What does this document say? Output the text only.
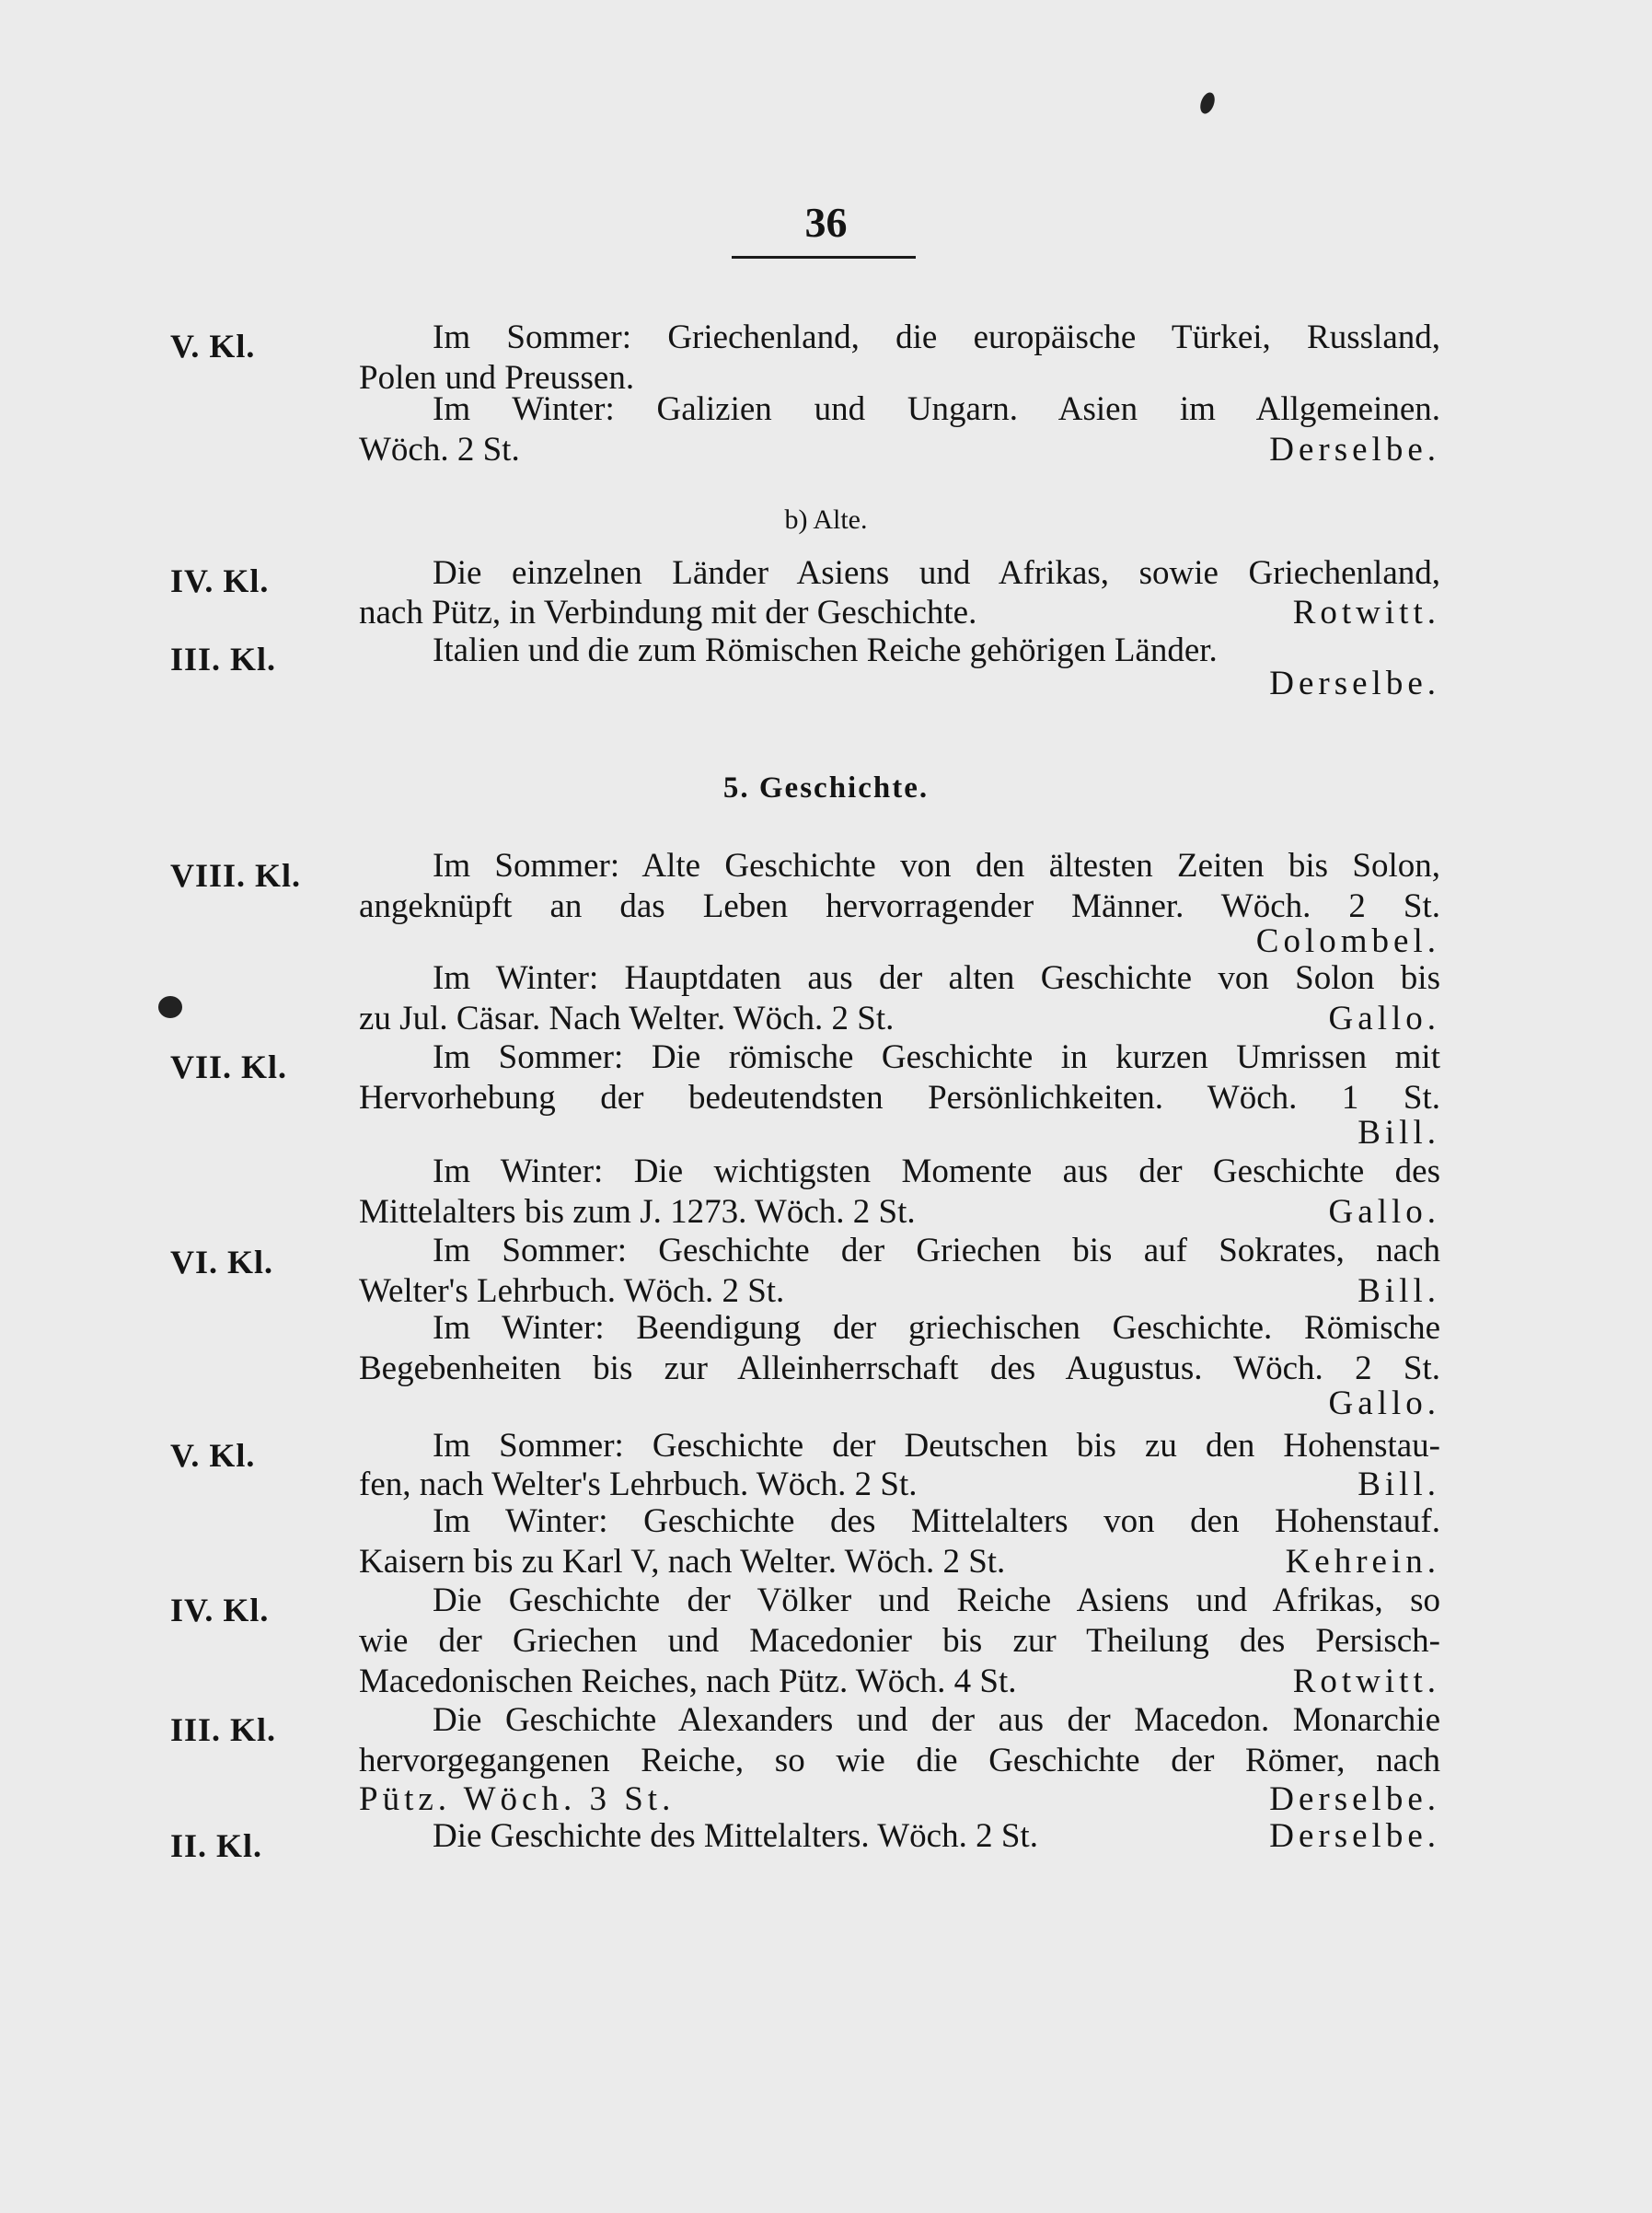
36
V. Kl.	Im Sommer: Griechenland, die europäische Türkei, Russland,
Polen und Preussen.
Im Winter: Galizien und Ungarn. Asien im Allgemeinen.
Wöch. 2 St.	Derselbe.
b) Alte.
IV. Kl.	Die einzelnen Länder Asiens und Afrikas, sowie Griechenland,
nach Pütz, in Verbindung mit der Geschichte.	Rotwitt.
III. Kl.	Italien und die zum Römischen Reiche gehörigen Länder.
Derselbe.
5. Geschichte.
VIII. Kl.	Im Sommer: Alte Geschichte von den ältesten Zeiten bis Solon,
angeknüpft an das Leben hervorragender Männer. Wöch. 2 St.
Colombel.
Im Winter: Hauptdaten aus der alten Geschichte von Solon bis
zu Jul. Cäsar. Nach Welter. Wöch. 2 St.	Gallo.
VII. Kl.	Im Sommer: Die römische Geschichte in kurzen Umrissen mit
Hervorhebung der bedeutendsten Persönlichkeiten. Wöch. 1 St.
Bill.
Im Winter: Die wichtigsten Momente aus der Geschichte des
Mittelalters bis zum J. 1273. Wöch. 2 St.	Gallo.
VI. Kl.	Im Sommer: Geschichte der Griechen bis auf Sokrates, nach
Welter's Lehrbuch. Wöch. 2 St.	Bill.
Im Winter: Beendigung der griechischen Geschichte. Römische
Begebenheiten bis zur Alleinherrschaft des Augustus. Wöch. 2 St.
Gallo.
V. Kl.	Im Sommer: Geschichte der Deutschen bis zu den Hohenstau-
fen, nach Welter's Lehrbuch. Wöch. 2 St.	Bill.
Im Winter: Geschichte des Mittelalters von den Hohenstauf.
Kaisern bis zu Karl V, nach Welter. Wöch. 2 St.	Kehrein.
IV. Kl.	Die Geschichte der Völker und Reiche Asiens und Afrikas, so
wie der Griechen und Macedonier bis zur Theilung des Persisch-
Macedonischen Reiches, nach Pütz. Wöch. 4 St.	Rotwitt.
III. Kl.	Die Geschichte Alexanders und der aus der Macedon. Monarchie
hervorgegangenen Reiche, so wie die Geschichte der Römer, nach
Pütz. Wöch. 3 St.	Derselbe.
II. Kl.	Die Geschichte des Mittelalters. Wöch. 2 St.	Derselbe.
